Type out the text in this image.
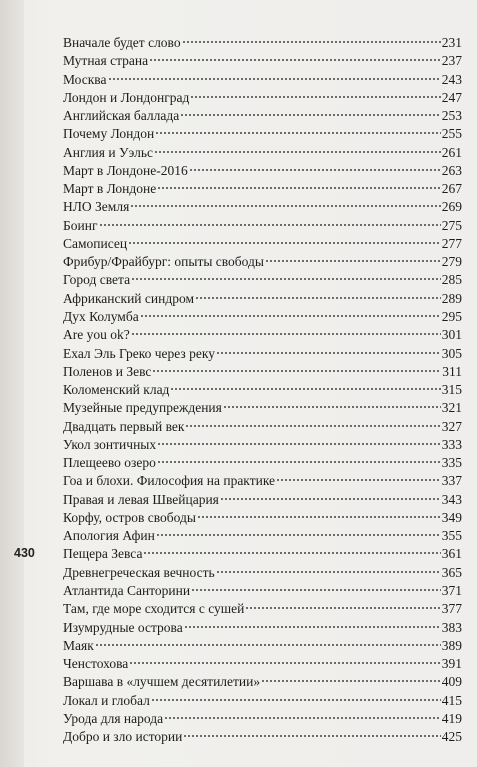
430
Вначале будет слово	231
Мутная страна	237
Москва	243
Лондон и Лондонград	247
Английская баллада	253
Почему Лондон	255
Англия и Уэльс	261
Март в Лондоне-2016	263
Март в Лондоне	267
НЛО Земля	269
Боинг	275
Самописец	277
Фрибур/Фрайбург: опыты свободы	279
Город света	285
Африканский синдром	289
Дух Колумба	295
Are you ok?	301
Ехал Эль Греко через реку	305
Поленов и Зевс	311
Коломенский клад	315
Музейные предупреждения	321
Двадцать первый век	327
Укол зонтичных	333
Плещеево озеро	335
Гоа и блохи. Философия на практике	337
Правая и левая Швейцария	343
Корфу, остров свободы	349
Апология Афин	355
Пещера Зевса	361
Древнегреческая вечность	365
Атлантида Санторини	371
Там, где море сходится с сушей	377
Изумрудные острова	383
Маяк	389
Ченстохова	391
Варшава в «лучшем десятилетии»	409
Локал и глобал	415
Урода для народа	419
Добро и зло истории	425
